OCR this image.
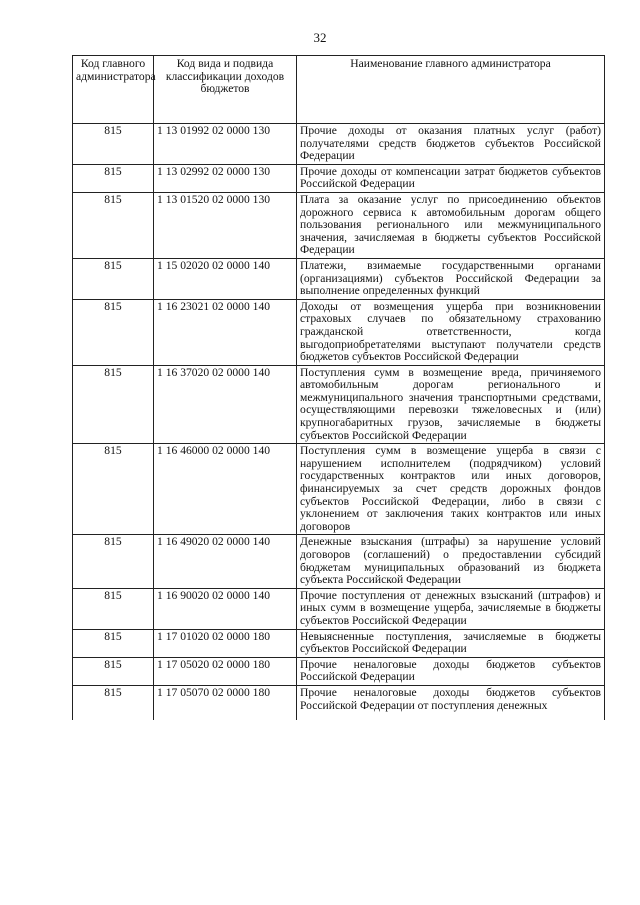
32
Код главного администратора	Код вида и подвида классификации доходов бюджетов	Наименование главного администратора
815	1 13 01992 02 0000 130	Прочие доходы от оказания платных услуг (работ) получателями средств бюджетов субъектов Российской Федерации
815	1 13 02992 02 0000 130	Прочие доходы от компенсации затрат бюджетов субъектов Российской Федерации
815	1 13 01520 02 0000 130	Плата за оказание услуг по присоединению объектов дорожного сервиса к автомобильным дорогам общего пользования регионального или межмуниципального значения, зачисляемая в бюджеты субъектов Российской Федерации
815	1 15 02020 02 0000 140	Платежи, взимаемые государственными органами (организациями) субъектов Российской Федерации за выполнение определенных функций
815	1 16 23021 02 0000 140	Доходы от возмещения ущерба при возникновении страховых случаев по обязательному страхованию гражданской ответственности, когда выгодоприобретателями выступают получатели средств бюджетов субъектов Российской Федерации
815	1 16 37020 02 0000 140	Поступления сумм в возмещение вреда, причиняемого автомобильным дорогам регионального и межмуниципального значения транспортными средствами, осуществляющими перевозки тяжеловесных и (или) крупногабаритных грузов, зачисляемые в бюджеты субъектов Российской Федерации
815	1 16 46000 02 0000 140	Поступления сумм в возмещение ущерба в связи с нарушением исполнителем (подрядчиком) условий государственных контрактов или иных договоров, финансируемых за счет средств дорожных фондов субъектов Российской Федерации, либо в связи с уклонением от заключения таких контрактов или иных договоров
815	1 16 49020 02 0000 140	Денежные взыскания (штрафы) за нарушение условий договоров (соглашений) о предоставлении субсидий бюджетам муниципальных образований из бюджета субъекта Российской Федерации
815	1 16 90020 02 0000 140	Прочие поступления от денежных взысканий (штрафов) и иных сумм в возмещение ущерба, зачисляемые в бюджеты субъектов Российской Федерации
815	1 17 01020 02 0000 180	Невыясненные поступления, зачисляемые в бюджеты субъектов Российской Федерации
815	1 17 05020 02 0000 180	Прочие неналоговые доходы бюджетов субъектов Российской Федерации
815	1 17 05070 02 0000 180	Прочие неналоговые доходы бюджетов субъектов Российской Федерации от поступления денежных
